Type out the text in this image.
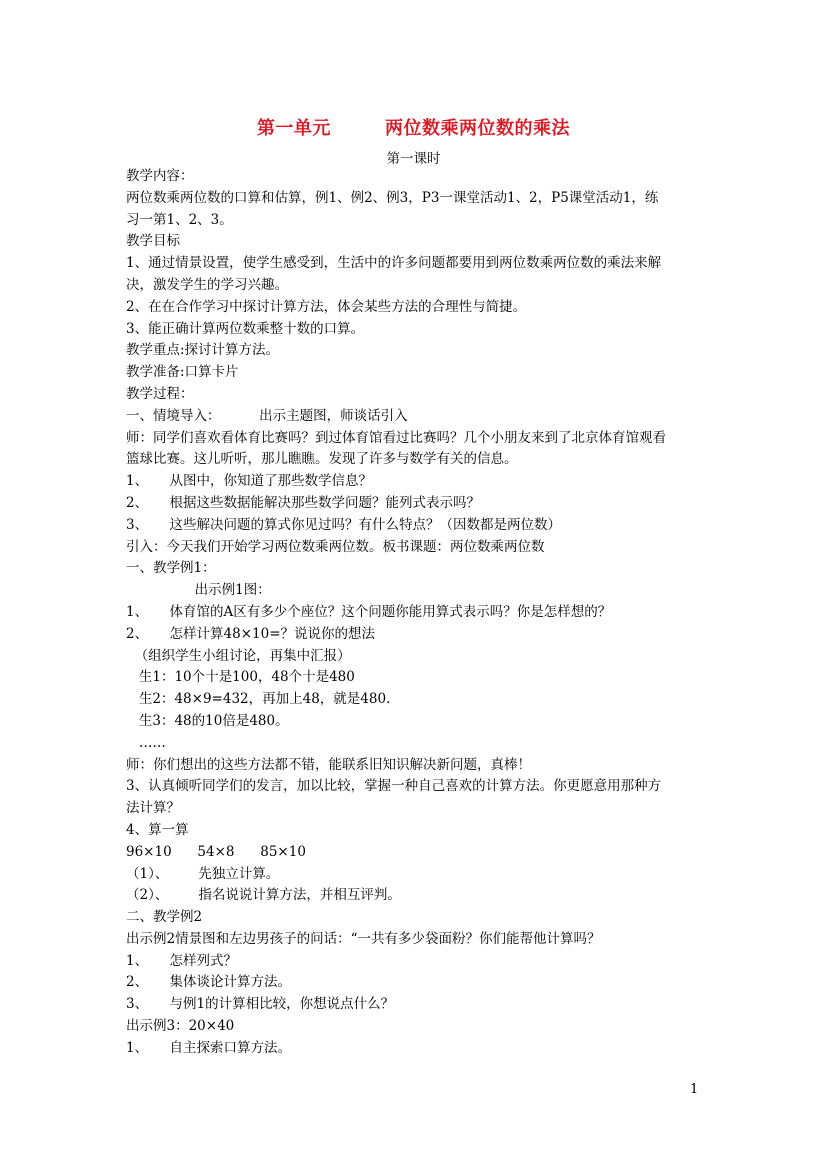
第一单元        两位数乘两位数的乘法
第一课时

教学内容：

两位数乘两位数的口算和估算，例1、例2、例3，P3一课堂活动1、2，P5课堂活动1，练

习一第1、2、3。

教学目标

1、通过情景设置，使学生感受到，生活中的许多问题都要用到两位数乘两位数的乘法来解

决，激发学生的学习兴趣。

2、在在合作学习中探讨计算方法，体会某些方法的合理性与简捷。

3、能正确计算两位数乘整十数的口算。

教学重点:探讨计算方法。

教学准备:口算卡片

教学过程：

一、情境导入：         出示主题图，师谈话引入

师：同学们喜欢看体育比赛吗？到过体育馆看过比赛吗？几个小朋友来到了北京体育馆观看

篮球比赛。这儿听听，那儿瞧瞧。发现了许多与数学有关的信息。

1、     从图中，你知道了那些数学信息？

2、     根据这些数据能解决那些数学问题？能列式表示吗？

3、     这些解决问题的算式你见过吗？有什么特点？（因数都是两位数）

引入：今天我们开始学习两位数乘两位数。板书课题：两位数乘两位数

一、教学例1：

出示例1图：

1、     体育馆的A区有多少个座位？这个问题你能用算式表示吗？你是怎样想的？

2、     怎样计算48×10=？说说你的想法

（组织学生小组讨论，再集中汇报）

生1：10个十是100，48个十是480

生2：48×9=432，再加上48，就是480.

生3：48的10倍是480。

……

师：你们想出的这些方法都不错，能联系旧知识解决新问题，真棒！

3、认真倾听同学们的发言，加以比较，掌握一种自己喜欢的计算方法。你更愿意用那种方

法计算？

4、算一算

96×10      54×8      85×10

（1）、       先独立计算。

（2）、       指名说说计算方法，并相互评判。

二、教学例2

出示例2情景图和左边男孩子的问话：“一共有多少袋面粉？你们能帮他计算吗？

1、     怎样列式？

2、     集体谈论计算方法。

3、     与例1的计算相比较，你想说点什么？

出示例3：20×40

1、     自主探索口算方法。

1
